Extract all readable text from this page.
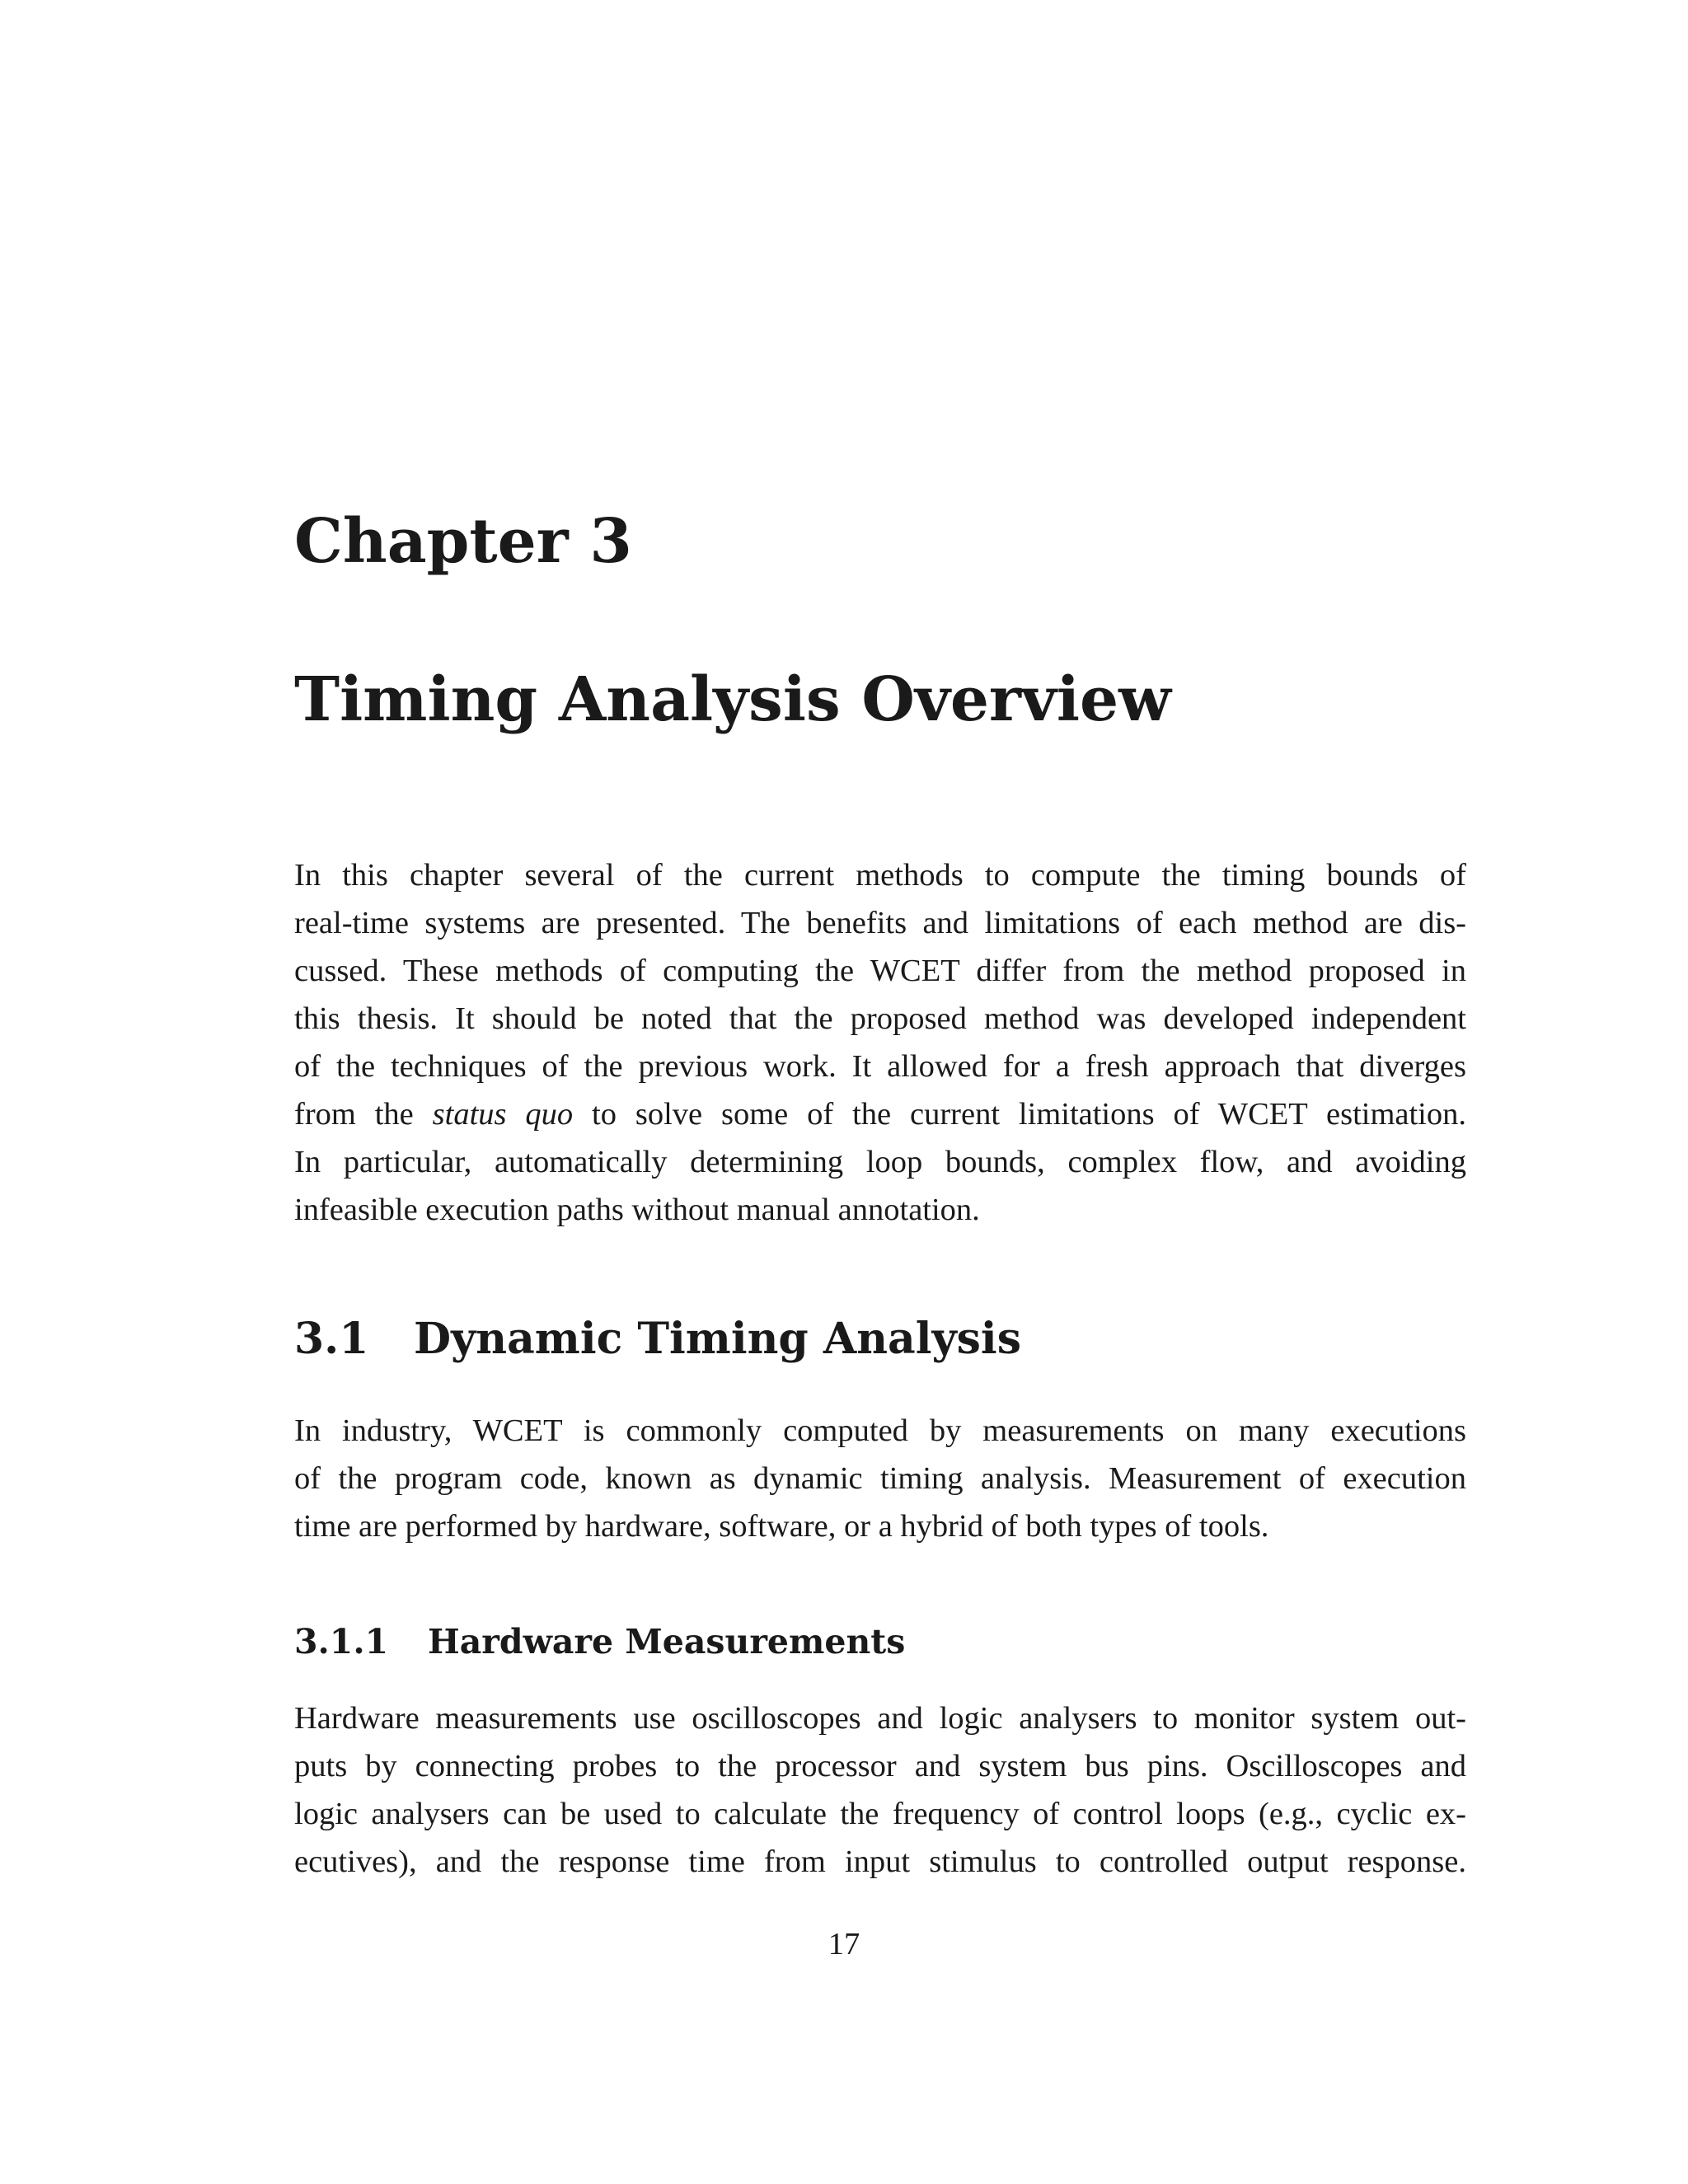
Chapter 3
Timing Analysis Overview

In this chapter several of the current methods to compute the timing bounds of
real-time systems are presented. The benefits and limitations of each method are dis-
cussed. These methods of computing the WCET differ from the method proposed in
this thesis. It should be noted that the proposed method was developed independent
of the techniques of the previous work. It allowed for a fresh approach that diverges
from the status quo to solve some of the current limitations of WCET estimation.
In particular, automatically determining loop bounds, complex flow, and avoiding
infeasible execution paths without manual annotation.

3.1 Dynamic Timing Analysis

In industry, WCET is commonly computed by measurements on many executions
of the program code, known as dynamic timing analysis. Measurement of execution
time are performed by hardware, software, or a hybrid of both types of tools.

3.1.1 Hardware Measurements

Hardware measurements use oscilloscopes and logic analysers to monitor system out-
puts by connecting probes to the processor and system bus pins. Oscilloscopes and
logic analysers can be used to calculate the frequency of control loops (e.g., cyclic ex-
ecutives), and the response time from input stimulus to controlled output response.

17
